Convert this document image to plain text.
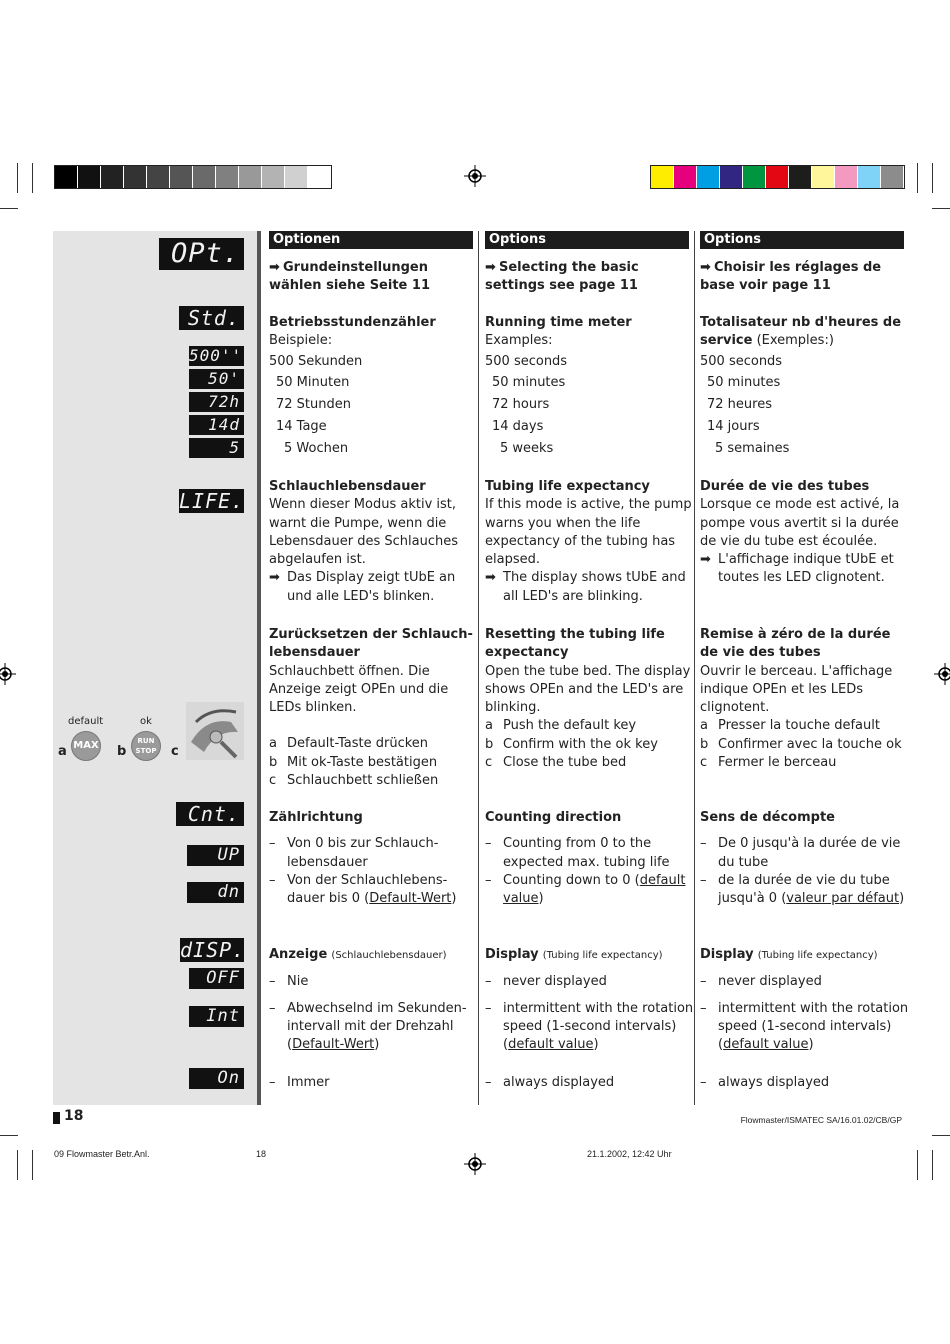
OPt.
Std.
500''
50'
72h
14d
5
LIFE.
default	ok
a MAX b
RUN STOP	c
Cnt.
UP
dn
dISP.
OFF
Int
On
Optionen
➡ Grundeinstellungen wählen siehe Seite 11
Betriebsstundenzähler
Beispiele:
500 Sekunden
50 Minuten
72 Stunden
14 Tage
5 Wochen
Schlauchlebensdauer
Wenn dieser Modus aktiv ist, warnt die Pumpe, wenn die Lebensdauer des Schlauches abgelaufen ist.
➡ Das Display zeigt tUbE an und alle LED's blinken.
Zurücksetzen der Schlauch-lebensdauer
Schlauchbett öffnen. Die Anzeige zeigt OPEn und die LEDs blinken.
a Default-Taste drücken
b Mit ok-Taste bestätigen
c Schlauchbett schließen
Zählrichtung
– Von 0 bis zur Schlauch-lebensdauer
– Von der Schlauchlebens-dauer bis 0 (Default-Wert)
Anzeige (Schlauchlebensdauer)
– Nie
– Abwechselnd im Sekunden-intervall mit der Drehzahl (Default-Wert)
– Immer
Options
➡ Selecting the basic settings see page 11
Running time meter
Examples:
500 seconds
50 minutes
72 hours
14 days
5 weeks
Tubing life expectancy
If this mode is active, the pump warns you when the life expectancy of the tubing has elapsed.
➡ The display shows tUbE and all LED's are blinking.
Resetting the tubing life expectancy
Open the tube bed. The display shows OPEn and the LED's are blinking.
a Push the default key
b Confirm with the ok key
c Close the tube bed
Counting direction
– Counting from 0 to the expected max. tubing life
– Counting down to 0 (default value)
Display (Tubing life expectancy)
– never displayed
– intermittent with the rotation speed (1-second intervals) (default value)
– always displayed
Options
➡ Choisir les réglages de base voir page 11
Totalisateur nb d'heures de service (Exemples:)
500 seconds
50 minutes
72 heures
14 jours
5 semaines
Durée de vie des tubes
Lorsque ce mode est activé, la pompe vous avertit si la durée de vie du tube est écoulée.
➡ L'affichage indique tUbE et toutes les LED clignotent.
Remise à zéro de la durée de vie des tubes
Ouvrir le berceau. L'affichage indique OPEn et les LEDs clignotent.
a Presser la touche default
b Confirmer avec la touche ok
c Fermer le berceau
Sens de décompte
– De 0 jusqu'à la durée de vie du tube
– de la durée de vie du tube jusqu'à 0 (valeur par défaut)
Display (Tubing life expectancy)
– never displayed
– intermittent with the rotation speed (1-second intervals) (default value)
– always displayed
18	Flowmaster/ISMATEC SA/16.01.02/CB/GP
09 Flowmaster Betr.Anl.	18	21.1.2002, 12:42 Uhr
